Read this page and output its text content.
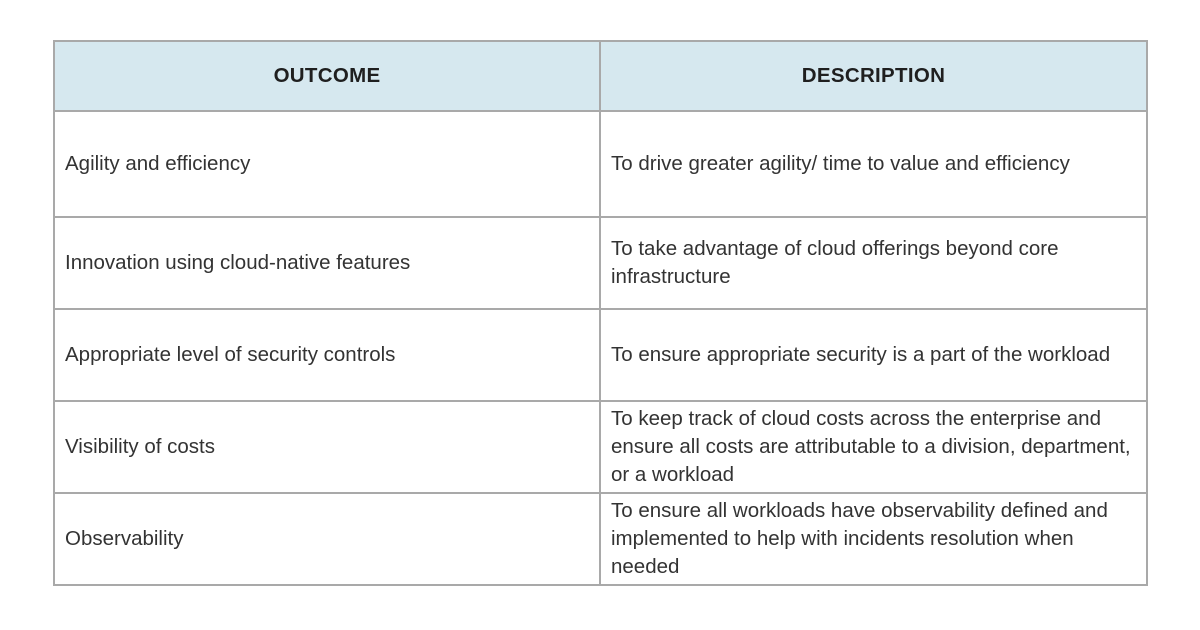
OUTCOME	DESCRIPTION
Agility and efficiency	To drive greater agility/ time to value and efficiency
Innovation using cloud-native features	To take advantage of cloud offerings beyond core infrastructure
Appropriate level of security controls	To ensure appropriate security is a part of the workload
Visibility of costs	To keep track of cloud costs across the enterprise and ensure all costs are attributable to a division, department, or a workload
Observability	To ensure all workloads have observability defined and implemented to help with incidents resolution when needed
